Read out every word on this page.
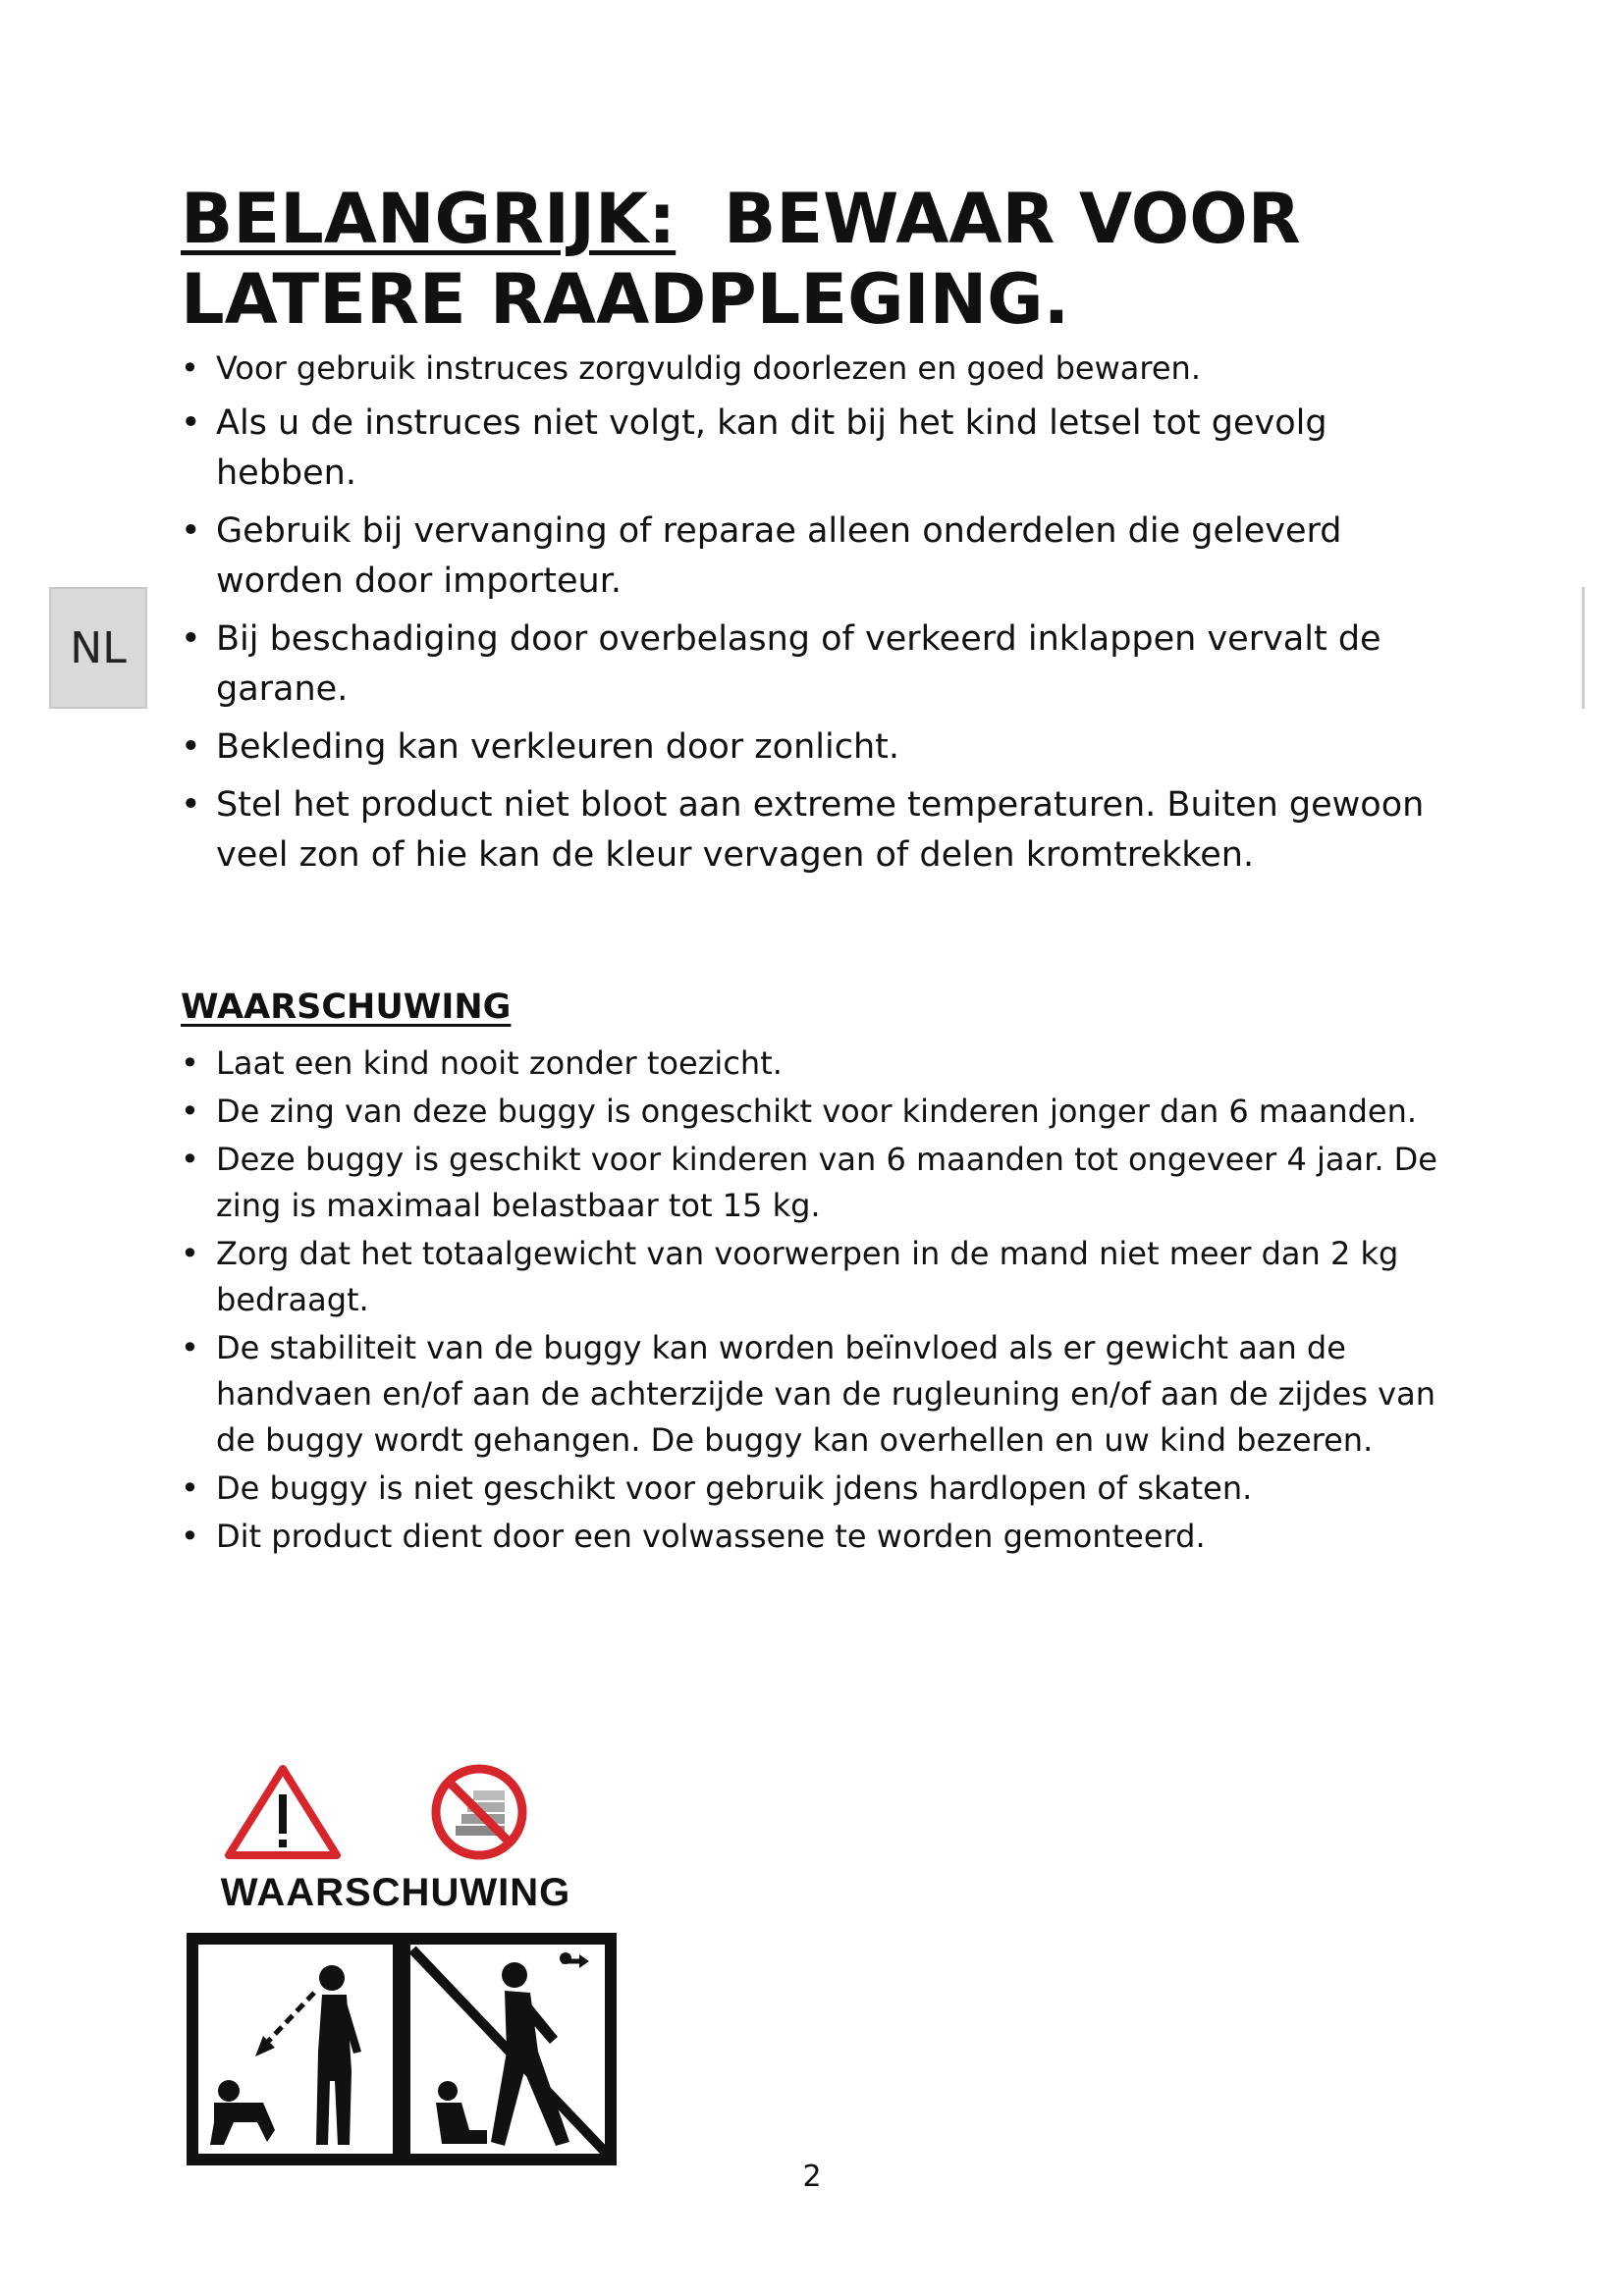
NL
BELANGRIJK: BEWAAR VOOR
LATERE RAADPLEGING.
• Voor gebruik instruces zorgvuldig doorlezen en goed bewaren.
• Als u de instruces niet volgt, kan dit bij het kind letsel tot gevolg hebben.
• Gebruik bij vervanging of reparae alleen onderdelen die geleverd worden door importeur.
• Bij beschadiging door overbelasng of verkeerd inklappen vervalt de garane.
• Bekleding kan verkleuren door zonlicht.
• Stel het product niet bloot aan extreme temperaturen. Buiten gewoon veel zon of hie kan de kleur vervagen of delen kromtrekken.
WAARSCHUWING
• Laat een kind nooit zonder toezicht.
• De zing van deze buggy is ongeschikt voor kinderen jonger dan 6 maanden.
• Deze buggy is geschikt voor kinderen van 6 maanden tot ongeveer 4 jaar. De zing is maximaal belastbaar tot 15 kg.
• Zorg dat het totaalgewicht van voorwerpen in de mand niet meer dan 2 kg bedraagt.
• De stabiliteit van de buggy kan worden beïnvloed als er gewicht aan de handvaen en/of aan de achterzijde van de rugleuning en/of aan de zijdes van de buggy wordt gehangen. De buggy kan overhellen en uw kind bezeren.
• De buggy is niet geschikt voor gebruik jdens hardlopen of skaten.
• Dit product dient door een volwassene te worden gemonteerd.
WAARSCHUWING
2
